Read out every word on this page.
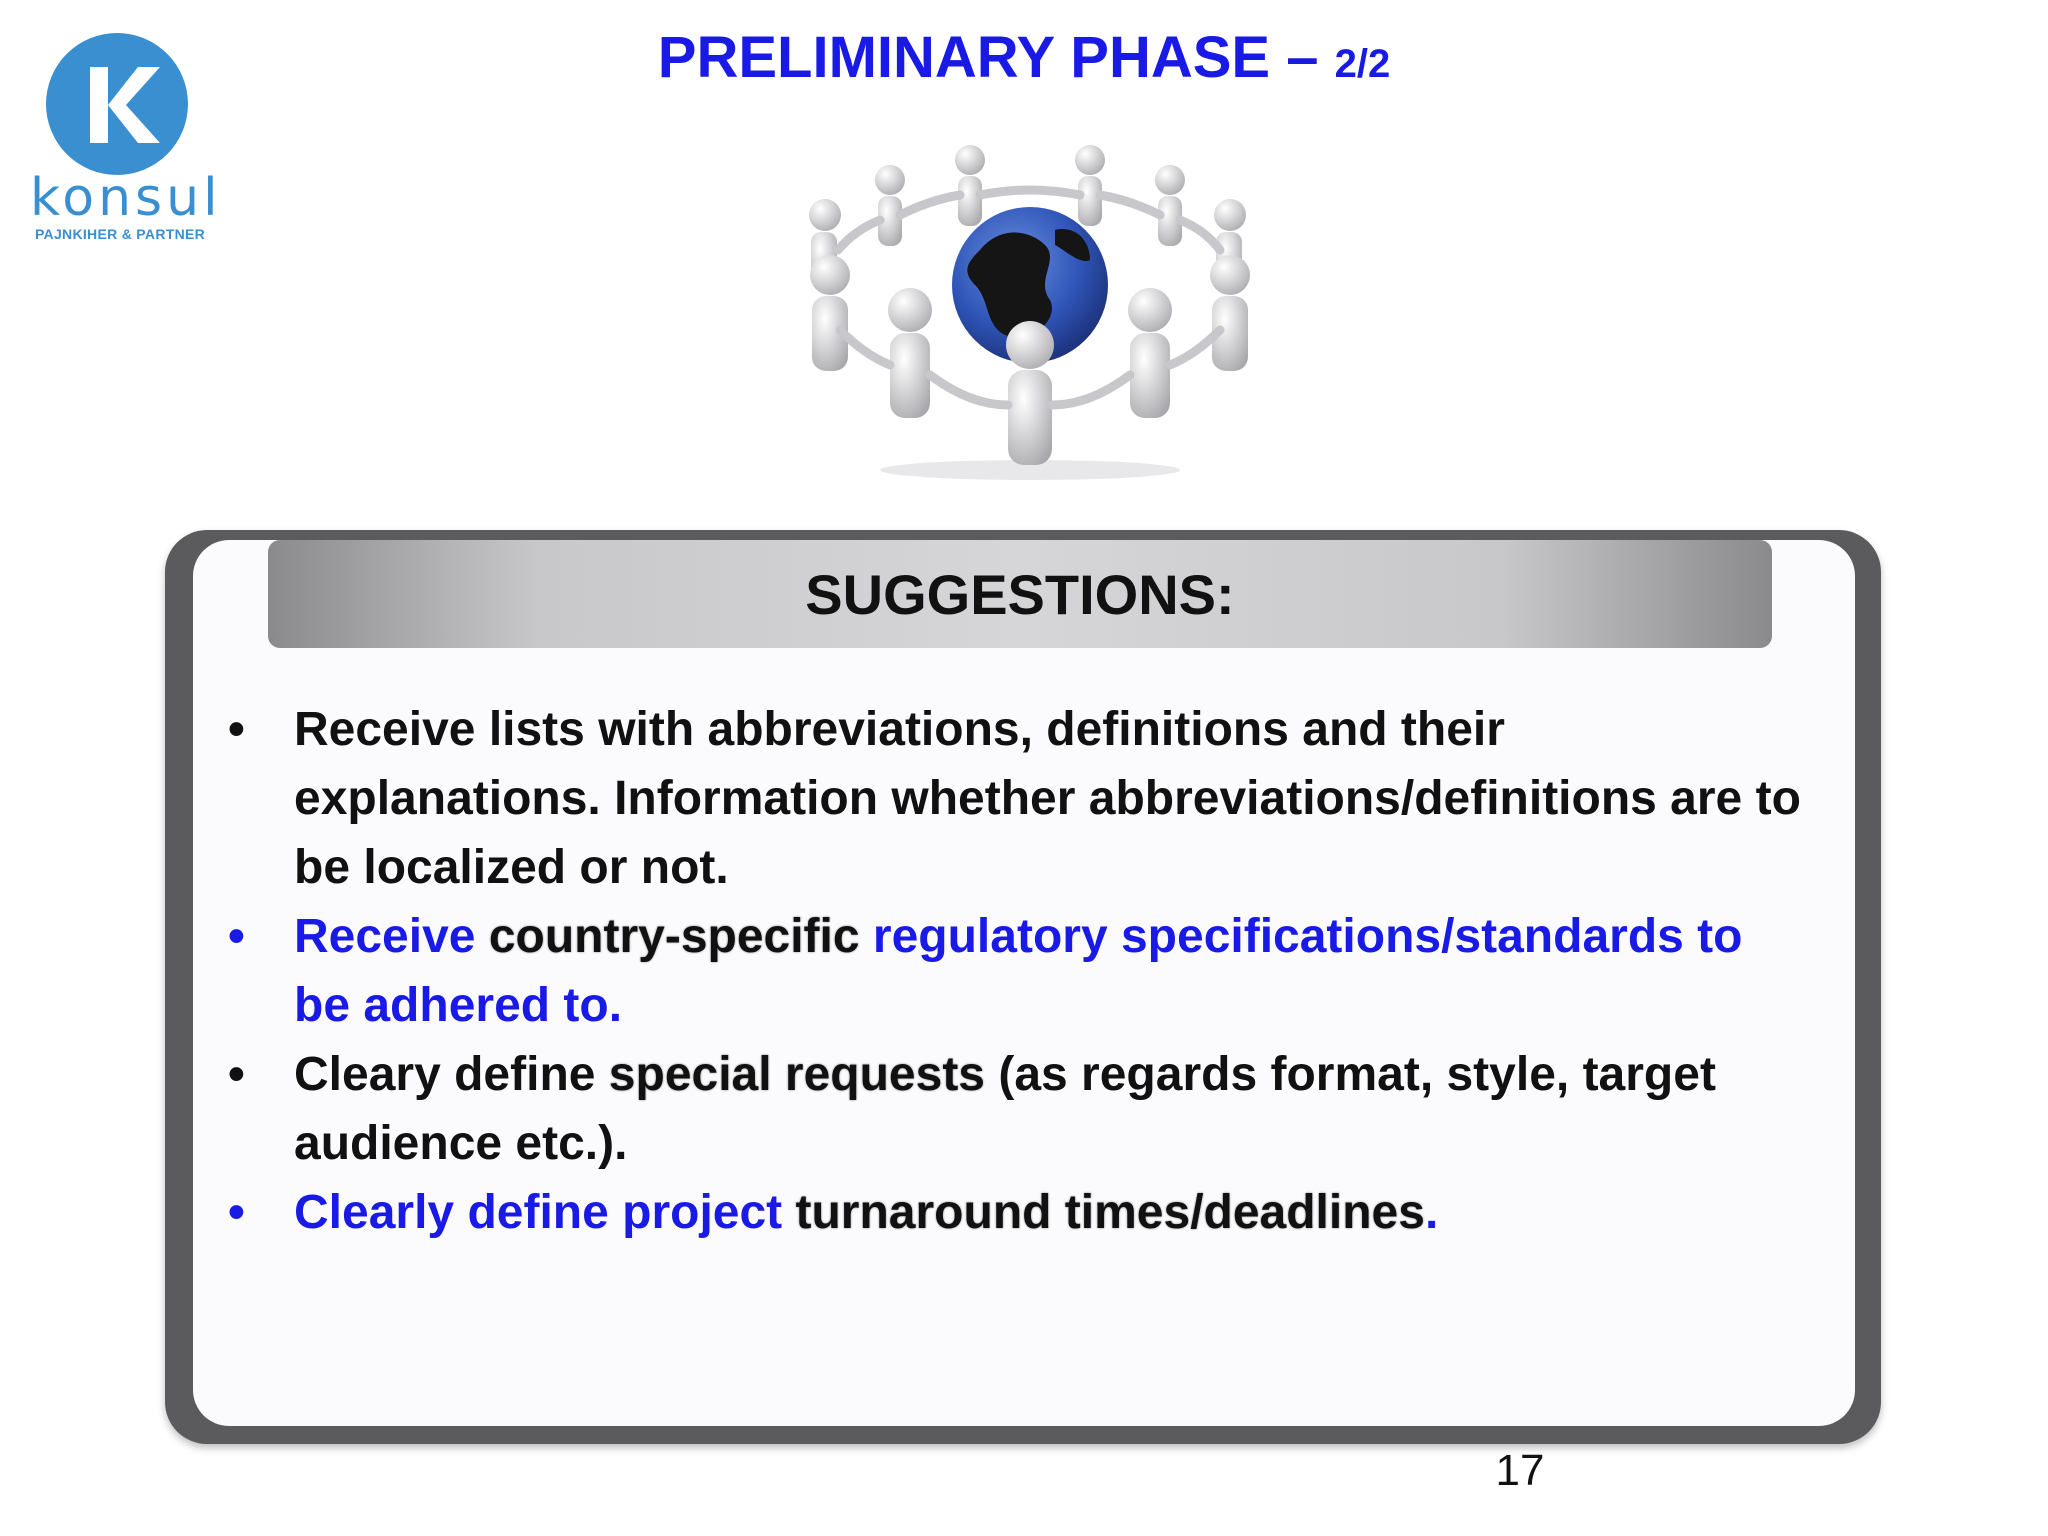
konsul
PAJNKIHER & PARTNER
PRELIMINARY PHASE – 2/2
SUGGESTIONS:
• Receive lists with abbreviations, definitions and their explanations. Information whether abbreviations/definitions are to be localized or not.
• Receive country-specific regulatory specifications/standards to be adhered to.
• Cleary define special requests (as regards format, style, target audience etc.).
• Clearly define project turnaround times/deadlines.
17
